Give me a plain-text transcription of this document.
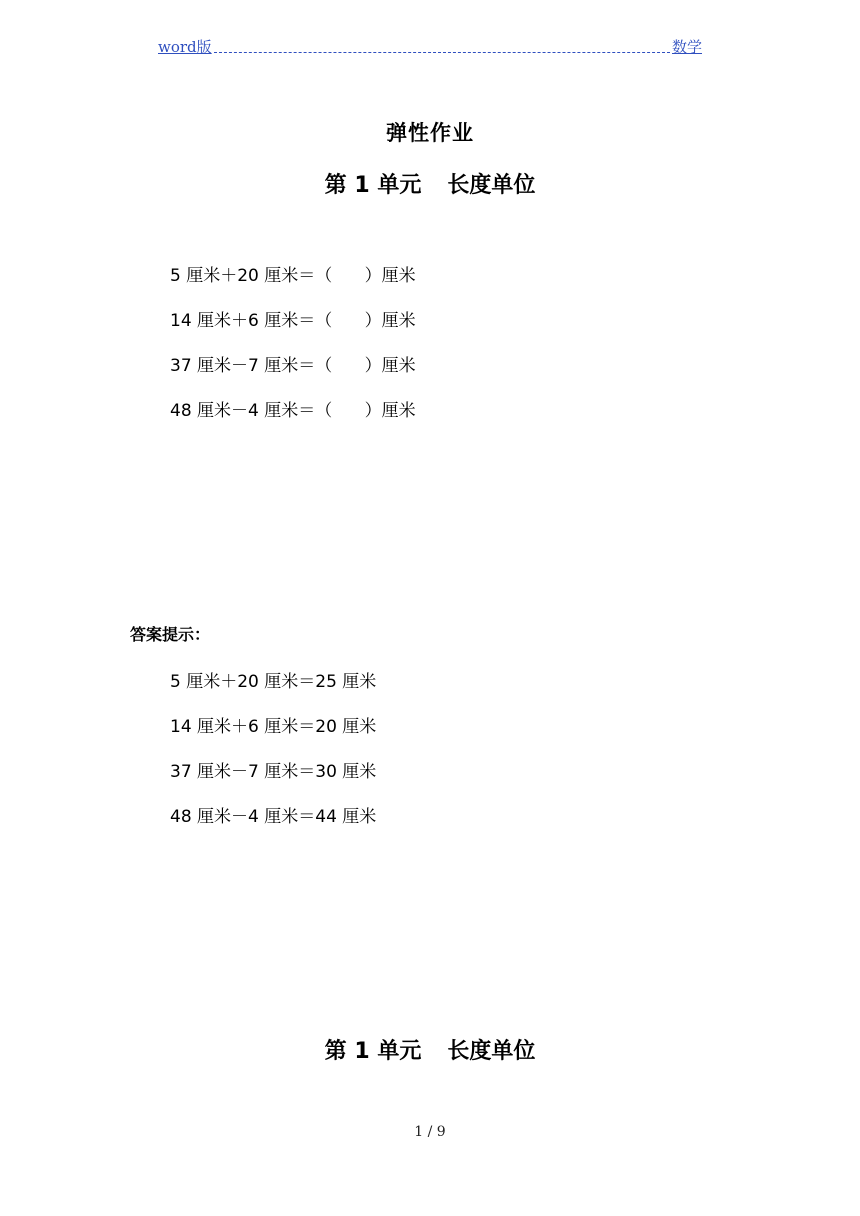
word版	数学
弹性作业
第 1 单元 长度单位
5 厘米＋20 厘米＝（      ）厘米
14 厘米＋6 厘米＝（      ）厘米
37 厘米－7 厘米＝（      ）厘米
48 厘米－4 厘米＝（      ）厘米
答案提示：
5 厘米＋20 厘米＝25 厘米
14 厘米＋6 厘米＝20 厘米
37 厘米－7 厘米＝30 厘米
48 厘米－4 厘米＝44 厘米
第 1 单元 长度单位
1 / 9
